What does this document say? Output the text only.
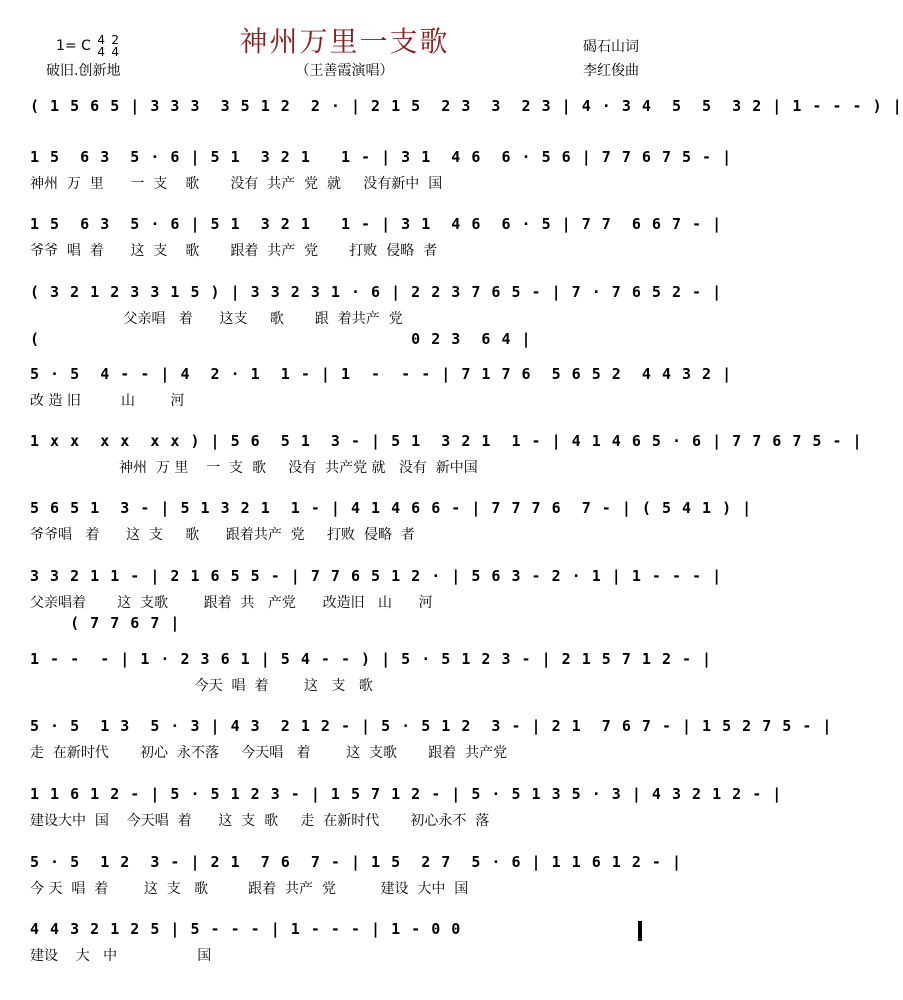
神州万里一支歌
（王善霞演唱）
1= C 4
4

2
4
破旧.创新地
碣石山词
李红俊曲
( 1 5 6 5 | 3 3 3  3 5 1 2  2 · | 2 1 5  2 3  3  2 3 | 4 · 3 4  5  5  3 2 | 1 - - - ) |
1 5  6 3  5 · 6 | 5 1  3 2 1   1 - | 3 1  4 6  6 · 5 6 | 7 7 6 7 5 - |
神州  万  里      一  支    歌       没有  共产  党  就     没有新中  国
1 5  6 3  5 · 6 | 5 1  3 2 1   1 - | 3 1  4 6  6 · 5 | 7 7  6 6 7 - |
爷爷  唱  着      这  支    歌       跟着  共产  党       打败  侵略  者
( 3 2 1 2 3 3 1 5 ) | 3 3 2 3 1 · 6 | 2 2 3 7 6 5 - | 7 · 7 6 5 2 - |
父亲唱   着      这支     歌       跟  着共产  党
(                                     0 2 3  6 4 |
5 · 5  4 - - | 4  2 · 1  1 - | 1  -  - - | 7 1 7 6  5 6 5 2  4 4 3 2 |
改 造 旧         山        河
1 x x  x x  x x ) | 5 6  5 1  3 - | 5 1  3 2 1  1 - | 4 1 4 6 5 · 6 | 7 7 6 7 5 - |
神州  万 里    一  支  歌     没有  共产党 就   没有  新中国
5 6 5 1  3 - | 5 1 3 2 1  1 - | 4 1 4 6 6 - | 7 7 7 6  7 - | ( 5 4 1 ) |
爷爷唱   着      这  支     歌      跟着共产  党     打败  侵略  者
3 3 2 1 1 - | 2 1 6 5 5 - | 7 7 6 5 1 2 · | 5 6 3 - 2 · 1 | 1 - - - |
父亲唱着       这  支歌        跟着  共   产党      改造旧   山      河
( 7 7 6 7 |
1 - -  - | 1 · 2 3 6 1 | 5 4 - - ) | 5 · 5 1 2 3 - | 2 1 5 7 1 2 - |
今天  唱  着        这   支   歌
5 · 5  1 3  5 · 3 | 4 3  2 1 2 - | 5 · 5 1 2  3 - | 2 1  7 6 7 - | 1 5 2 7 5 - |
走  在新时代       初心  永不落     今天唱   着        这  支歌       跟着  共产党
1 1 6 1 2 - | 5 · 5 1 2 3 - | 1 5 7 1 2 - | 5 · 5 1 3 5 · 3 | 4 3 2 1 2 - |
建设大中  国    今天唱  着      这  支  歌     走  在新时代       初心永不  落
5 · 5  1 2  3 - | 2 1  7 6  7 - | 1 5  2 7  5 · 6 | 1 1 6 1 2 - |
今 天  唱  着        这  支   歌         跟着  共产  党          建设  大中  国
4 4 3 2 1 2 5 | 5 - - - | 1 - - - | 1 - 0 0
建设    大   中                  国
